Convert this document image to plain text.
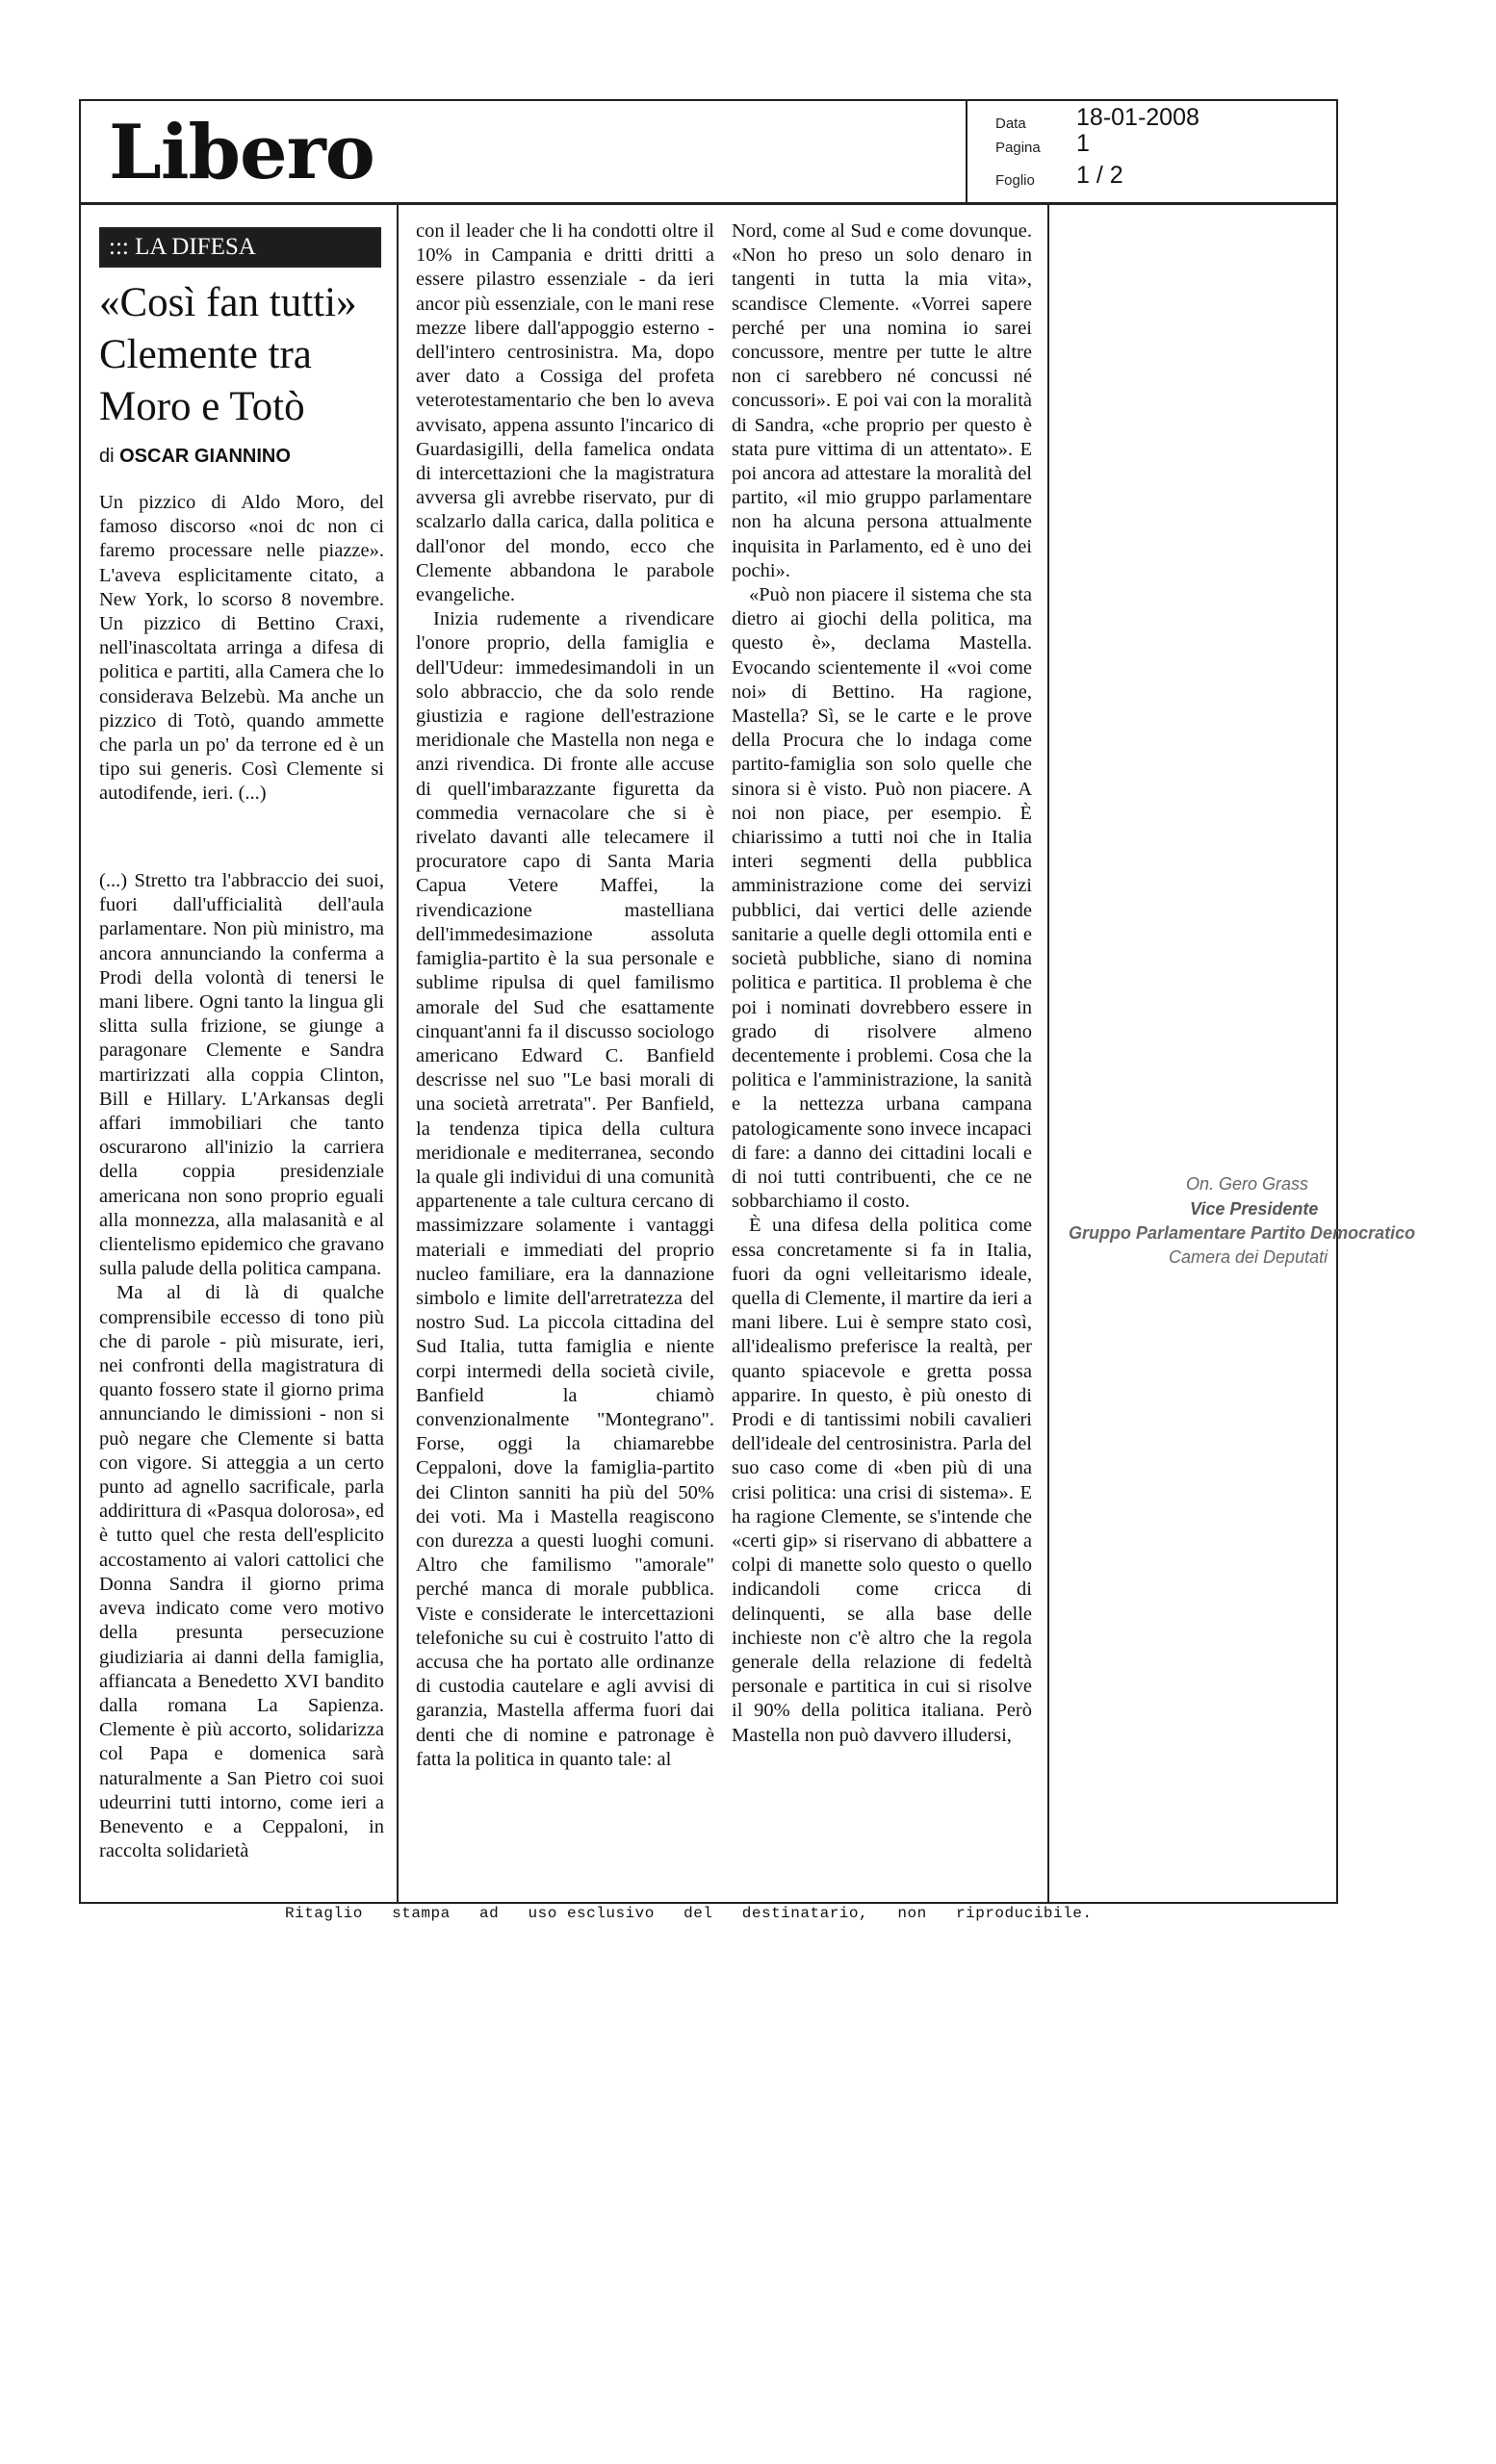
Libero	Data 18-01-2008
Pagina 1
Foglio 1 / 2
::: LA DIFESA
«Così fan tutti»
Clemente tra
Moro e Totò
di OSCAR GIANNINO

Un pizzico di Aldo Moro, del famoso discorso «noi dc non ci faremo processare nelle piazze». L'aveva esplicitamente citato, a New York, lo scorso 8 novembre. Un pizzico di Bettino Craxi, nell'inascoltata arringa a difesa di politica e partiti, alla Camera che lo considerava Belzebù. Ma anche un pizzico di Totò, quando ammette che parla un po' da terrone ed è un tipo sui generis. Così Clemente si autodifende, ieri. (...)

(...) Stretto tra l'abbraccio dei suoi, fuori dall'ufficialità dell'aula parlamentare. Non più ministro, ma ancora annunciando la conferma a Prodi della volontà di tenersi le mani libere. Ogni tanto la lingua gli slitta sulla frizione, se giunge a paragonare Clemente e Sandra martirizzati alla coppia Clinton, Bill e Hillary. L'Arkansas degli affari immobiliari che tanto oscurarono all'inizio la carriera della coppia presidenziale americana non sono proprio eguali alla monnezza, alla malasanità e al clientelismo epidemico che gravano sulla palude della politica campana.

Ma al di là di qualche comprensibile eccesso di tono più che di parole - più misurate, ieri, nei confronti della magistratura di quanto fossero state il giorno prima annunciando le dimissioni - non si può negare che Clemente si batta con vigore. Si atteggia a un certo punto ad agnello sacrificale, parla addirittura di «Pasqua dolorosa», ed è tutto quel che resta dell'esplicito accostamento ai valori cattolici che Donna Sandra il giorno prima aveva indicato come vero motivo della presunta persecuzione giudiziaria ai danni della famiglia, affiancata a Benedetto XVI bandito dalla romana La Sapienza. Clemente è più accorto, solidarizza col Papa e domenica sarà naturalmente a San Pietro coi suoi udeurrini tutti intorno, come ieri a Benevento e a Ceppaloni, in raccolta solidarietà

con il leader che li ha condotti oltre il 10% in Campania e dritti dritti a essere pilastro essenziale - da ieri ancor più essenziale, con le mani rese mezze libere dall'appoggio esterno - dell'intero centrosinistra. Ma, dopo aver dato a Cossiga del profeta veterotestamentario che ben lo aveva avvisato, appena assunto l'incarico di Guardasigilli, della famelica ondata di intercettazioni che la magistratura avversa gli avrebbe riservato, pur di scalzarlo dalla carica, dalla politica e dall'onor del mondo, ecco che Clemente abbandona le parabole evangeliche.

Inizia rudemente a rivendicare l'onore proprio, della famiglia e dell'Udeur: immedesimandoli in un solo abbraccio, che da solo rende giustizia e ragione dell'estrazione meridionale che Mastella non nega e anzi rivendica. Di fronte alle accuse di quell'imbarazzante figuretta da commedia vernacolare che si è rivelato davanti alle telecamere il procuratore capo di Santa Maria Capua Vetere Maffei, la rivendicazione mastelliana dell'immedesimazione assoluta famiglia-partito è la sua personale e sublime ripulsa di quel familismo amorale del Sud che esattamente cinquant'anni fa il discusso sociologo americano Edward C. Banfield descrisse nel suo "Le basi morali di una società arretrata". Per Banfield, la tendenza tipica della cultura meridionale e mediterranea, secondo la quale gli individui di una comunità appartenente a tale cultura cercano di massimizzare solamente i vantaggi materiali e immediati del proprio nucleo familiare, era la dannazione simbolo e limite dell'arretratezza del nostro Sud. La piccola cittadina del Sud Italia, tutta famiglia e niente corpi intermedi della società civile, Banfield la chiamò convenzionalmente "Montegrano". Forse, oggi la chiamarebbe Ceppaloni, dove la famiglia-partito dei Clinton sanniti ha più del 50% dei voti. Ma i Mastella reagiscono con durezza a questi luoghi comuni. Altro che familismo "amorale" perché manca di morale pubblica. Viste e considerate le intercettazioni telefoniche su cui è costruito l'atto di accusa che ha portato alle ordinanze di custodia cautelare e agli avvisi di garanzia, Mastella afferma fuori dai denti che di nomine e patronage è fatta la politica in quanto tale: al

Nord, come al Sud e come dovunque. «Non ho preso un solo denaro in tangenti in tutta la mia vita», scandisce Clemente. «Vorrei sapere perché per una nomina io sarei concussore, mentre per tutte le altre non ci sarebbero né concussi né concussori». E poi vai con la moralità di Sandra, «che proprio per questo è stata pure vittima di un attentato». E poi ancora ad attestare la moralità del partito, «il mio gruppo parlamentare non ha alcuna persona attualmente inquisita in Parlamento, ed è uno dei pochi».

«Può non piacere il sistema che sta dietro ai giochi della politica, ma questo è», declama Mastella. Evocando scientemente il «voi come noi» di Bettino. Ha ragione, Mastella? Sì, se le carte e le prove della Procura che lo indaga come partito-famiglia son solo quelle che sinora si è visto. Può non piacere. A noi non piace, per esempio. È chiarissimo a tutti noi che in Italia interi segmenti della pubblica amministrazione come dei servizi pubblici, dai vertici delle aziende sanitarie a quelle degli ottomila enti e società pubbliche, siano di nomina politica e partitica. Il problema è che poi i nominati dovrebbero essere in grado di risolvere almeno decentemente i problemi. Cosa che la politica e l'amministrazione, la sanità e la nettezza urbana campana patologicamente sono invece incapaci di fare: a danno dei cittadini locali e di noi tutti contribuenti, che ce ne sobbarchiamo il costo.

È una difesa della politica come essa concretamente si fa in Italia, fuori da ogni velleitarismo ideale, quella di Clemente, il martire da ieri a mani libere. Lui è sempre stato così, all'idealismo preferisce la realtà, per quanto spiacevole e gretta possa apparire. In questo, è più onesto di Prodi e di tantissimi nobili cavalieri dell'ideale del centrosinistra. Parla del suo caso come di «ben più di una crisi politica: una crisi di sistema». E ha ragione Clemente, se s'intende che «certi gip» si riservano di abbattere a colpi di manette solo questo o quello indicandoli come cricca di delinquenti, se alla base delle inchieste non c'è altro che la regola generale della relazione di fedeltà personale e partitica in cui si risolve il 90% della politica italiana. Però Mastella non può davvero illudersi,

Ritaglio   stampa   ad   uso esclusivo   del   destinatario,   non   riproducibile.
On. Gero Grass
Vice Presidente
Gruppo Parlamentare Partito Democratico
Camera dei Deputati
